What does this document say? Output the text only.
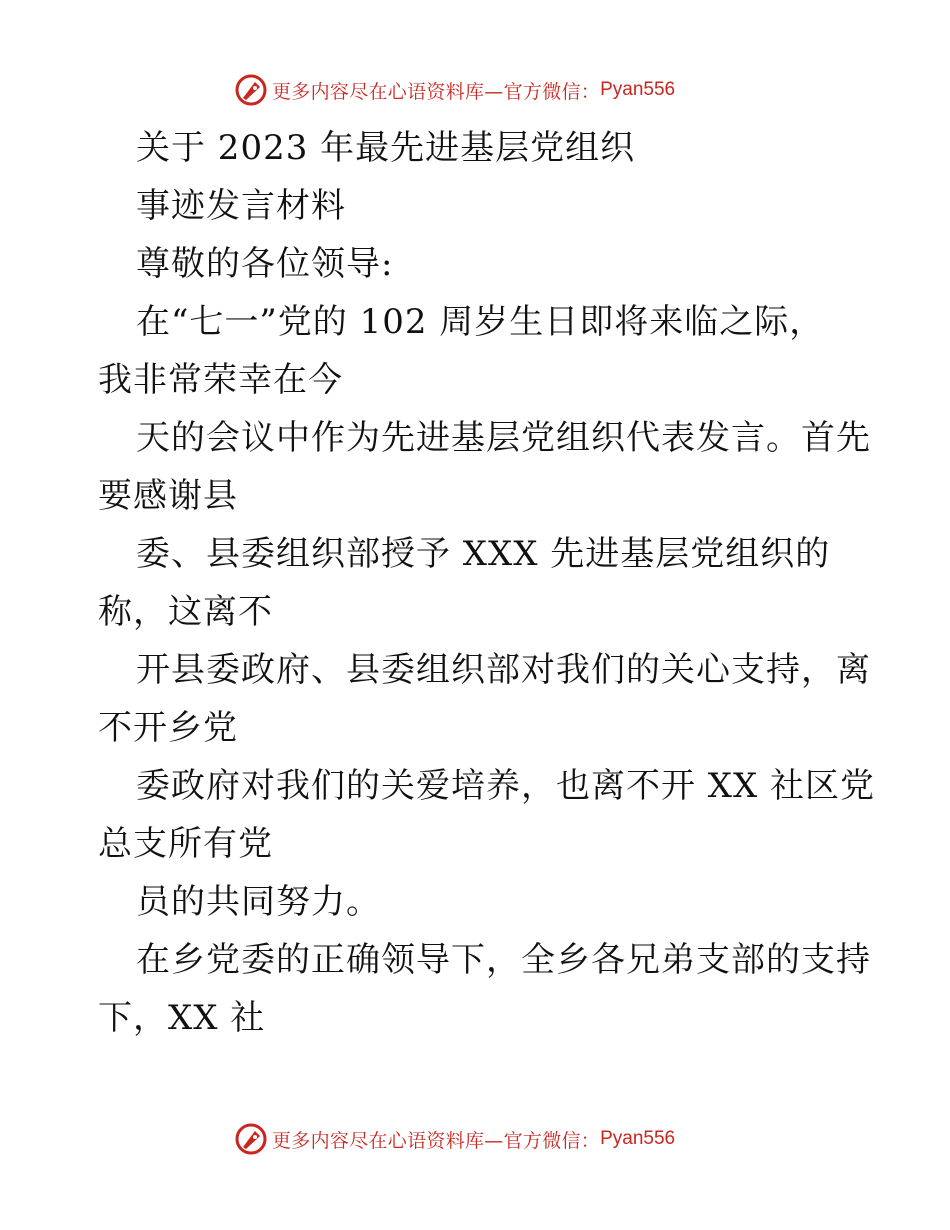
更多内容尽在心语资料库—官方微信： Pyan556
关于 2023 年最先进基层党组织
事迹发言材料
尊敬的各位领导:
在“七一”党的 102 周岁生日即将来临之际，
我非常荣幸在今
天的会议中作为先进基层党组织代表发言。首先
要感谢县
委、县委组织部授予 XXX 先进基层党组织的
称，这离不
开县委政府、县委组织部对我们的关心支持，离
不开乡党
委政府对我们的关爱培养，也离不开 XX 社区党
总支所有党
员的共同努力。
在乡党委的正确领导下，全乡各兄弟支部的支持
下，XX 社
更多内容尽在心语资料库—官方微信： Pyan556
